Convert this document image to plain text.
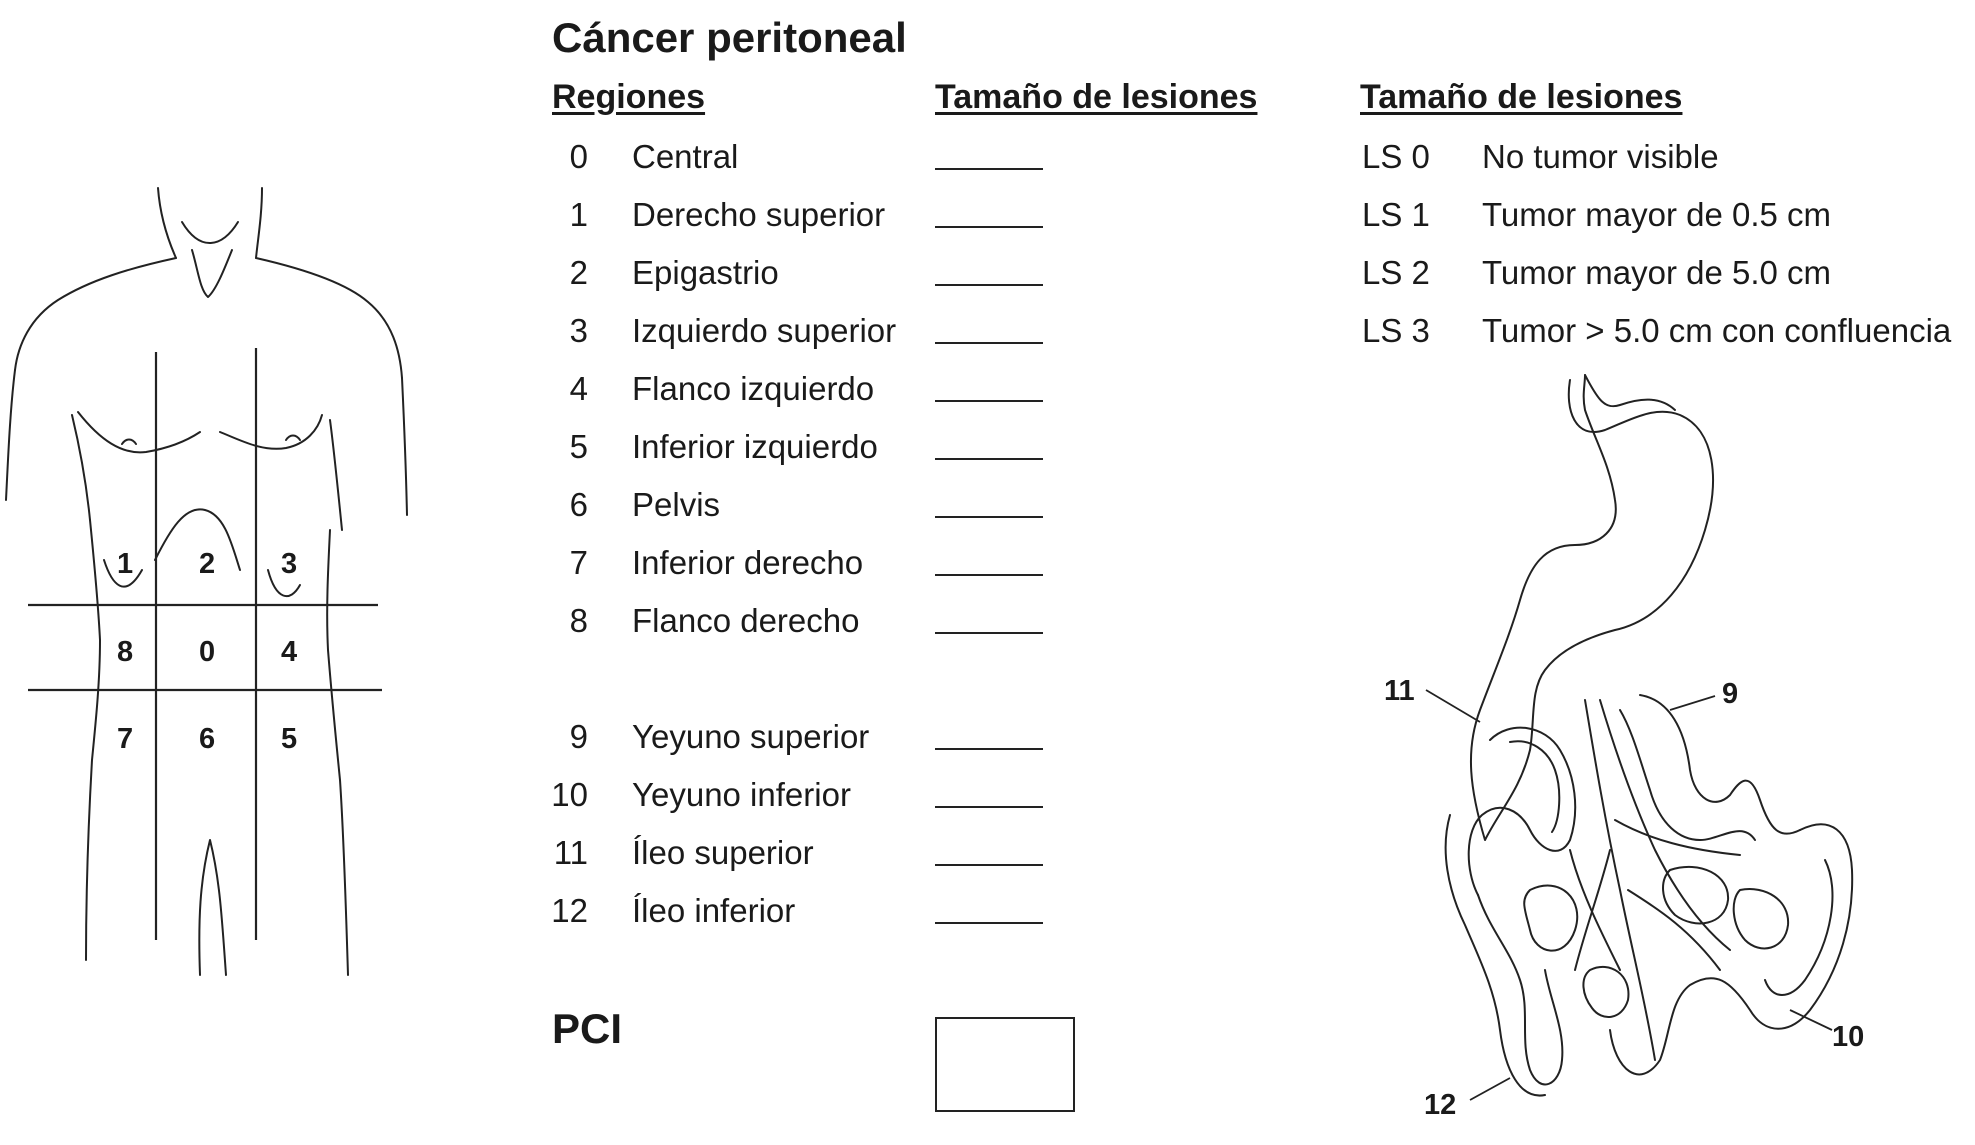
1 2 3
8 0 4
7 6 5
Cáncer peritoneal
Regiones	Tamaño de lesiones	Tamaño de lesiones
0 Central
1 Derecho superior
2 Epigastrio
3 Izquierdo superior
4 Flanco izquierdo
5 Inferior izquierdo
6 Pelvis
7 Inferior derecho
8 Flanco derecho
9 Yeyuno superior
10 Yeyuno inferior
11 Íleo superior
12 Íleo inferior
PCI
LS 0 No tumor visible
LS 1 Tumor mayor de 0.5 cm
LS 2 Tumor mayor de 5.0 cm
LS 3 Tumor > 5.0 cm con confluencia
9
10
11
12
